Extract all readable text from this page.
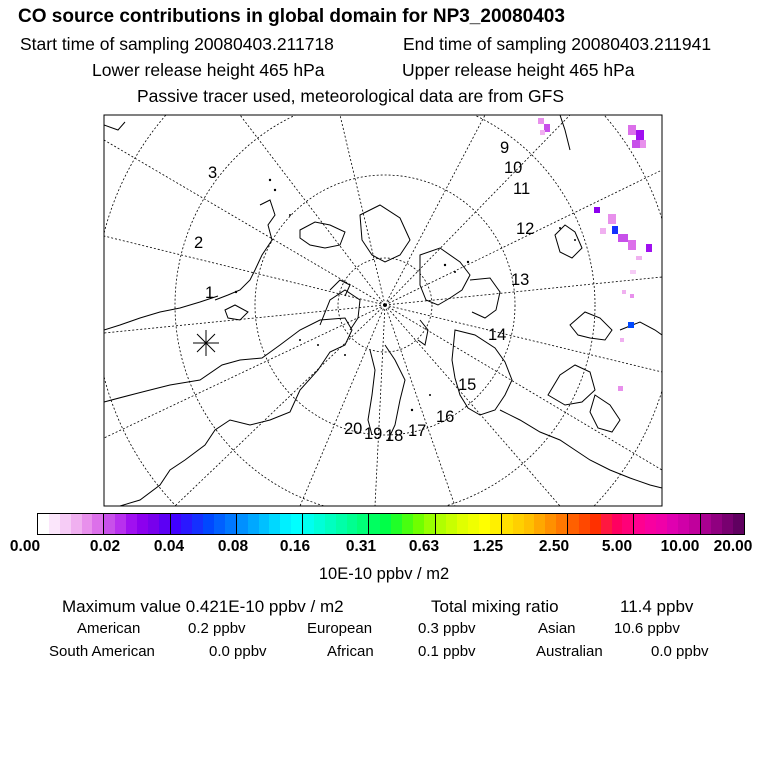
CO source contributions in global domain for NP3_20080403
Start time of sampling 20080403.211718	End time of sampling 20080403.211941
Lower release height 465 hPa	Upper release height 465 hPa
Passive tracer used, meteorological data are from GFS
1
2
3
9
10
11
12
13
14
15
16
17
18
19
20
0.00	0.02 0.04 0.08 0.16 0.31 0.63 1.25 2.50 5.00 10.00 20.00
10E-10 ppbv / m2
Maximum value 0.421E-10 ppbv / m2	Total mixing ratio	11.4 ppbv
American	0.2 ppbv	European	0.3 ppbv	Asian	10.6 ppbv
South American	0.0 ppbv	African	0.1 ppbv	Australian	0.0 ppbv
